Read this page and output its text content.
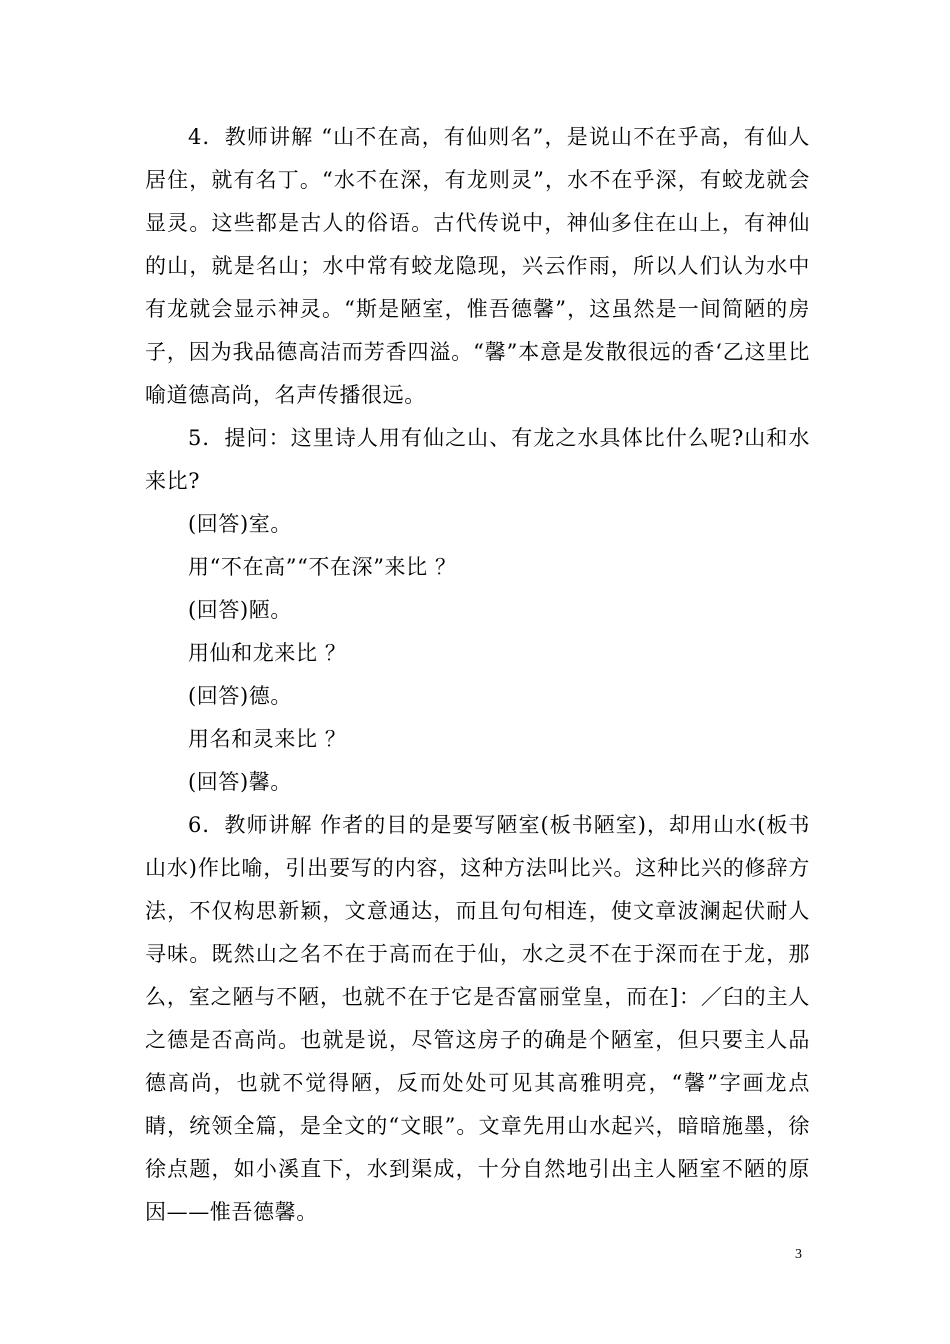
4．教师讲解 “山不在高，有仙则名”，是说山不在乎高，有仙人居住，就有名丁。“水不在深，有龙则灵”，水不在乎深，有蛟龙就会显灵。这些都是古人的俗语。古代传说中，神仙多住在山上，有神仙的山，就是名山；水中常有蛟龙隐现，兴云作雨，所以人们认为水中有龙就会显示神灵。“斯是陋室，惟吾德馨”，这虽然是一间简陋的房子，因为我品德高洁而芳香四溢。“馨”本意是发散很远的香‘乙这里比喻道德高尚，名声传播很远。

5．提问：这里诗人用有仙之山、有龙之水具体比什么呢?山和水来比?

(回答)室。

用“不在高”“不在深”来比 ？

(回答)陋。

用仙和龙来比 ？

(回答)德。

用名和灵来比 ？

(回答)馨。

6．教师讲解 作者的目的是要写陋室(板书陋室)，却用山水(板书山水)作比喻，引出要写的内容，这种方法叫比兴。这种比兴的修辞方法，不仅构思新颖，文意通达，而且句句相连，使文章波澜起伏耐人寻味。既然山之名不在于高而在于仙，水之灵不在于深而在于龙，那么，室之陋与不陋，也就不在于它是否富丽堂皇，而在]：／臼的主人之德是否高尚。也就是说，尽管这房子的确是个陋室，但只要主人品德高尚，也就不觉得陋，反而处处可见其高雅明亮，“馨”字画龙点睛，统领全篇，是全文的“文眼”。文章先用山水起兴，暗暗施墨，徐徐点题，如小溪直下，水到渠成，十分自然地引出主人陋室不陋的原因——惟吾德馨。

3
